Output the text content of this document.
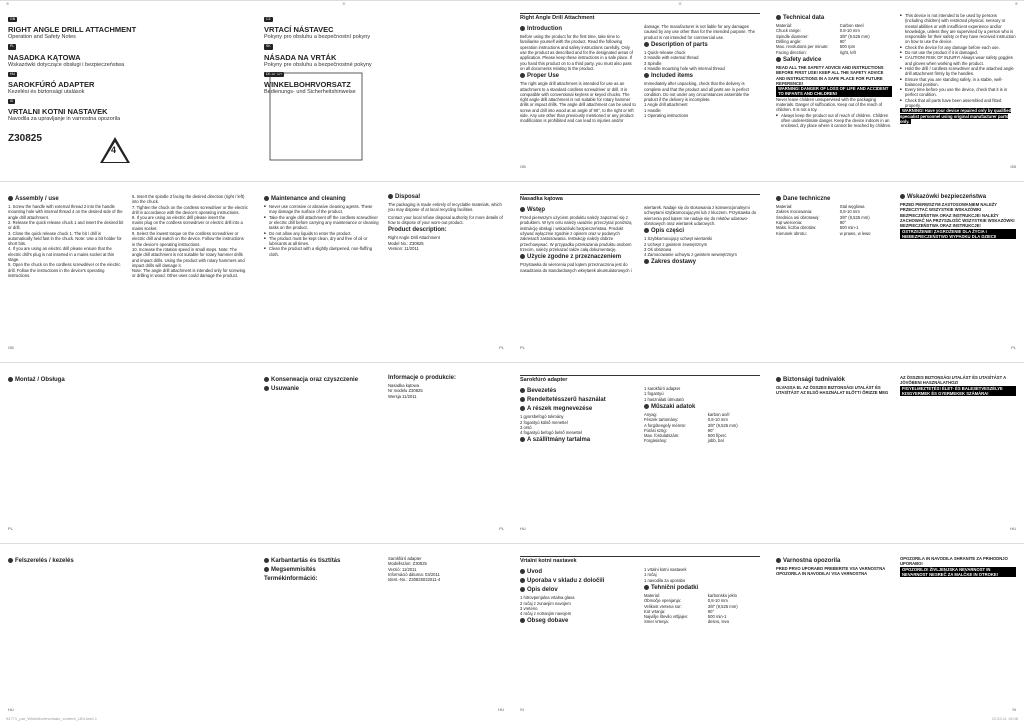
⊕	⊕	⊕	⊕
GB
RIGHT ANGLE DRILL ATTACHMENT
Operation and Safety Notes
PL
NASADKA KĄTOWA
Wskazówki dotyczące obsługi i bezpieczeństwa
HU
SAROKFÚRÓ ADAPTER
Kezelési és biztonsági utalások
SI
VRTALNI KOTNI NASTAVEK
Navodila za upravljanje in varnostna opozorila
Z30825
4
CZ
VRTACÍ NÁSTAVEC
Pokyny pro obsluhu a bezpečnostní pokyny
SK
NÁSADA NA VRTÁK
Pokyny pre obsluhu a bezpečnostné pokyny
DE AT CH
WINKELBOHRVORSATZ
Bedienungs- und Sicherheitshinweise
Right Angle Drill Attachment
Introduction
Before using the product for the first time, take time to familiarise yourself with the product. Read the following operation instructions and safety instructions carefully. Only use the product as described and for the designated areas of application. Please keep these instructions in a safe place. If you hand this product on to a third party, you must also pass on all documents relating to the product.
Proper Use
The right angle drill attachment is intended for use as an attachment to a standard cordless screwdriver or drill. It is compatible with conventional keyless or keyed chucks. The right angle drill attachment is not suitable for rotary hammer drills or impact drills. The angle drill attachment can be used to screw and drill into wood at an angle of 90°, to the right or left side. Any use other than previously mentioned or any product modification is prohibited and can lead to injuries and/or damage. The manufacturer is not liable for any damages caused by any use other than for the intended purpose. The product is not intended for commercial use.
Description of parts
1 Quick-release chuck
2 Handle with external thread
3 Spindle
4 Handle mounting hole with internal thread
Included items
Immediately after unpacking, check that the delivery is complete and that the product and all parts are in perfect condition. Do not under any circumstances assemble the product if the delivery is incomplete.
1 Angle drill attachment
1 Handle
1 Operating instructions
GB
Technical data
Material:	Carbon steel
Chuck range:	0.8-10 mm
Spindle diameter:	3/8" (9.525 mm)
Drilling angle:	90°
Max. revolutions per minute:	500 rpm
Facing direction:	right, left
Safety advice
READ ALL THE SAFETY ADVICE AND INSTRUCTIONS BEFORE FIRST USE! KEEP ALL THE SAFETY ADVICE AND INSTRUCTIONS IN A SAFE PLACE FOR FUTURE REFERENCE!
WARNING! DANGER OF LOSS OF LIFE AND ACCIDENT TO INFANTS AND CHILDREN!
Never leave children unsupervised with the packaging materials. Danger of suffocation. Keep out of the reach of children. It is not a toy.
■ Always keep the product out of reach of children. Children often underestimate danger. Keep the device indoors in an enclosed, dry place where it cannot be reached by children.
■ This device is not intended to be used by persons (including children) with restricted physical, sensory or mental abilities or with insufficient experience and/or knowledge, unless they are supervised by a person who is responsible for their safety or they have received instruction on how to use the device.
■ Check the device for any damage before each use.
■ Do not use the product if it is damaged.
■ CAUTION! RISK OF INJURY! Always wear safety goggles and gloves when working with the product.
■ Hold the drill / cordless screwdriver and the attached angle drill attachment firmly by the handles.
■ Ensure that you are standing safely, in a stable, well-balanced position.
■ Every time before you use the device, check that it is in perfect condition.
■ Check that all parts have been assembled and fitted properly.
WARNING! Have your device repaired only by qualified specialist personnel using original manufacturer parts only.
GB
Assembly / use
1. Screw the handle with external thread 2 into the handle mounting hole with internal thread 4 on the desired side of the angle drill attachment.
2. Release the quick release chuck 1 and insert the desired bit or drill.
3. Close the quick release chuck 1. The bit / drill is automatically held fast in the chuck. Note: Use a bit holder for short bits.
4. If you are using an electric drill please ensure that the electric drill's plug is not inserted in a mains socket at this stage.
5. Open the chuck on the cordless screwdriver or the electric drill. Follow the instructions in the device's operating instructions.
6. Insert the spindle 3 facing the desired direction (right / left) into the chuck.
7. Tighten the chuck on the cordless screwdriver or the electric drill in accordance with the device's operating instructions.
8. If you are using an electric drill please insert the
mains plug on the cordless screwdriver or electric drill into a mains socket.
9. Select the lowest torque on the cordless screwdriver or electric drill and switch on the device. Follow the instructions in the device's operating instructions.
10. Increase the rotation speed in small steps. Note: The angle drill attachment is not suitable for rotary hammer drills and impact drills. Using the product with rotary hammers and impact drills will damage it.
Note: The angle drill attachment is intended only for screwing or drilling in wood. Other uses could damage the product.
GB
Maintenance and cleaning
■ Never use corrosive or abrasive cleaning agents. These may damage the surface of the product.
■ Take the angle drill attachment off the cordless screwdriver or electric drill before carrying any maintenance or cleaning tasks on the product.
■ Do not allow any liquids to enter the product.
■ The product must be kept clean, dry and free of oil or lubricants at all times.
■ Clean the product with a slightly dampened, non-fluffing cloth.
Disposal
The packaging is made entirely of recyclable materials, which you may dispose of at local recycling facilities.
Contact your local refuse disposal authority for more details of how to dispose of your worn-out product.
Product description:
Right Angle Drill Attachment
Model No.: Z30825
Version: 11/2011
PL
Nasadka kątowa
Wstęp
Przed pierwszym użyciem produktu należy zapoznać się z produktem. W tym celu należy uważnie przeczytać poniższą instrukcję obsługi i wskazówki bezpieczeństwa. Produkt używać wyłącznie zgodnie z opisem oraz w podanych zakresach zastosowania. Instrukcję należy dobrze przechowywać. W przypadku przekazania produktu osobom trzecim, należy przekazać także całą dokumentację.
Użycie zgodne z przeznaczeniem
Przystawka do wiercenia pod kątem przeznaczona jest do nasadzania do standardowych wkrętarek akumulatorowych i wiertarek. Nadaje się do stosowania z konwencjonalnymi uchwytami szybkomocującymi lub z kluczem. Przystawka do wiercenia pod kątem nie nadaje się do młotów udarowo-obrotowych oraz wiertarek udarowych.
Opis części
1 Szybkomocujący uchwyt wiertarski
2 Uchwyt z gwintem zewnętrznym
3 Oś obrotowa
4 Zamocowanie uchwytu z gwintem wewnętrznym
Zakres dostawy
PL
Dane techniczne
Materiał:	Stal węglowa
Zakres mocowania:	0,8-10 mm
Średnica osi obrotowej:	3/8" (9,525 mm)
Kąt wiercenia:	90°
Maks. liczba obrotów:	500 min-1
Kierunek obrotu:	w prawo, w lewo
Wskazówki bezpieczeństwa
PRZED PIERWSZYM ZASTOSOWANIEM NALEŻY PRZECZYTAĆ WSZYSTKIE WSKAZÓWKI BEZPIECZEŃSTWA ORAZ INSTRUKCJE! NALEŻY ZACHOWAĆ NA PRZYSZŁOŚĆ WSZYSTKIE WSKAZÓWKI BEZPIECZEŃSTWA ORAZ INSTRUKCJE!
OSTRZEŻENIE! ZAGROŻENIE DLA ŻYCIA I NIEBEZPIECZEŃSTWO WYPADKU DLA DZIECI!
PL
Montaż / Obsługa
PL
Konserwacja oraz czyszczenie
Usuwanie
Informacje o produkcie:
Nasadka kątowa
Nr modelu Z30825
Wersja 11/2011
PL
Sarokfúró adapter
Bevezetés
Rendeltetésszerű használat
A részek megnevezése
1 gyorsbefogó tokmány
2 fogantyú külső menettel
3 orsó
4 fogantyú befogó belső menettel
A szállítmány tartalma
1 sarokfúró adapter
1 fogantyú
1 használati útmutató
Műszaki adatok
Anyag:	karbon acél
Fészek tartomány:	0,8-10 mm
A forgótengely mérete:	3/8" (9,525 mm)
Fúrási szög:	90°
Max. fordulatszám:	500 f/perc
Forgásirány:	jobb, bal
HU
Biztonsági tudnivalók
OLVASSA EL AZ ÖSSZES BIZTONSÁGI UTALÁST ÉS UTASÍTÁST AZ ELSŐ HASZNÁLAT ELŐTT! ŐRIZZE MEG AZ ÖSSZES BIZTONSÁGI UTALÁST ÉS UTASÍTÁST A JÖVŐBENI HASZNÁLATHOZ!
FIGYELMEZTETÉS! ÉLET- ÉS BALESETVESZÉLYE KISGYERMEK ÉS GYERMEKEK SZÁMÁRA!
HU
Felszerelés / kezelés
HU
Karbantartás és tisztítás
Megsemmisítés
Termékinformáció:
Sarokfúró adapter
Modellszám: Z30825
Verzió: 11/2011
Információ dátuma: 03/2011
Ident.-No.: Z30825032011-4
HU
Vrtalni kotni nastavek
Uvod
Uporaba v skladu z določili
Opis delov
1 hitrovpenjalna vrtalna glava
2 ročaj z zunanjim navojem
3 vreteno
4 ročaj z notranjim navojem
Obseg dobave
1 vrtalni kotni nastavek
1 ročaj
1 navodila za uporabo
Tehnični podatki
Material:	karbonsko jeklo
Območje vpenjanja:	0,8-10 mm
Velikost vretena sor:	3/8" (9,525 mm)
Kot vrtanja:	90°
Najvišje število vrtljajev:	500 min-1
Smer vrtenja:	desno, levo
SI
Varnostna opozorila
PRED PRVO UPORABO PREBERITE VSA VARNOSTNA OPOZORILA IN NAVODILA! VSA VARNOSTNA OPOZORILA IN NAVODILA SHRANITE ZA PRIHODNJO UPORABO!
OPOZORILO! ŽIVLJENJSKA NEVARNOST IN NEVARNOST NESREČ ZA MALČKE IN OTROKE!
SI
94771_par_Winkelbohrvorsatz_content_LB4.indd 1	22.03.11 15:08
